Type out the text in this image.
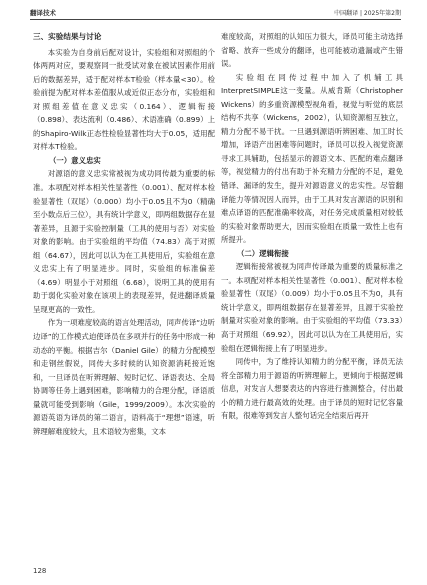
翻译技术	中国翻译 | 2025年第2期

三、实验结果与讨论

本实验为自身前后配对设计，实验组和对照组的个体两两对应，要观察同一批受试对象在被试因素作用前后的数据差异，适于配对样本T检验（样本量<30）。检验前提为配对样本差值服从或近似正态分布，实验组和对照组差值在意义忠实（0.164）、逻辑衔接（0.898）、表达流利（0.486）、术语准确（0.899）上的Shapiro-Wilk正态性检验显著性均大于0.05，适用配对样本T检验。

（一）意义忠实

对源语的意义忠实常被视为成功同传最为重要的标准。本项配对样本相关性显著性（0.001）、配对样本检验显著性（双尾）（0.000）均小于0.05且不为0（精确至小数点后三位），具有统计学意义，即两组数据存在显著差异，且源于实验控制量（工具的使用与否）对实验对象的影响。由于实验组的平均值（74.83）高于对照组（64.67），因此可以认为在工具使用后，实验组在意义忠实上有了明显进步。同时，实验组的标准偏差（4.69）明显小于对照组（6.68），说明工具的使用有助于弱化实验对象在该项上的表现差异，促进翻译质量呈现更高的一致性。

作为一项难度较高的语言处理活动，同声传译“边听边译”的工作模式迫使译员在多项并行的任务中形成一种动态的平衡。根据吉尔（Daniel Gile）的精力分配模型和走钢丝假说，同传大多时候的认知资源消耗接近饱和，一旦译员在听辨理解、短时记忆、译语表达、全局协调等任务上遇到困难，影响精力的合理分配，译语质量就可能受到影响（Gile，1999/2009）。本次实验的源语英语为译员的第二语言，语料高于“理想”语速，听辨理解难度较大，且术语较为密集，文本

难度较高，对照组的认知压力很大，译员可能主动选择省略、放弃一些成分的翻译，也可能被动遗漏或产生错误。

实验组在同传过程中加入了机辅工具InterpretSIMPLE这一变量。从威肯斯（Christopher Wickens）的多重资源模型视角看，视觉与听觉的底层结构不共享（Wickens，2002），认知资源相互独立，精力分配不易干扰。一旦遇到源语听辨困难、加工时长增加，译语产出困难等问题时，译员可以投入视觉资源寻求工具辅助，包括显示的源语文本、匹配的难点翻译等，视觉精力的付出有助于补充精力分配的不足，避免错译、漏译的发生，提升对源语意义的忠实性。尽管翻译能力等情况因人而异，由于工具对发言源语的识别和难点译语的匹配准确率较高，对任务完成质量相对较低的实验对象帮助更大，因而实验组在质量一致性上也有所提升。

（二）逻辑衔接

逻辑衔接常被视为同声传译最为重要的质量标准之一。本项配对样本相关性显著性（0.001）、配对样本检验显著性（双尾）（0.009）均小于0.05且不为0，具有统计学意义，即两组数据存在显著差异，且源于实验控制量对实验对象的影响。由于实验组的平均值（73.33）高于对照组（69.92），因此可以认为在工具使用后，实验组在逻辑衔接上有了明显进步。

同传中，为了维持认知精力的分配平衡，译员无法将全部精力用于源语的听辨理解上，更倾向于根据逻辑信息，对发言人想要表达的内容进行推测整合，付出最小的精力进行最高效的处理。由于译员的短时记忆容量有限，很难等到发言人整句话完全结束后再开

128
